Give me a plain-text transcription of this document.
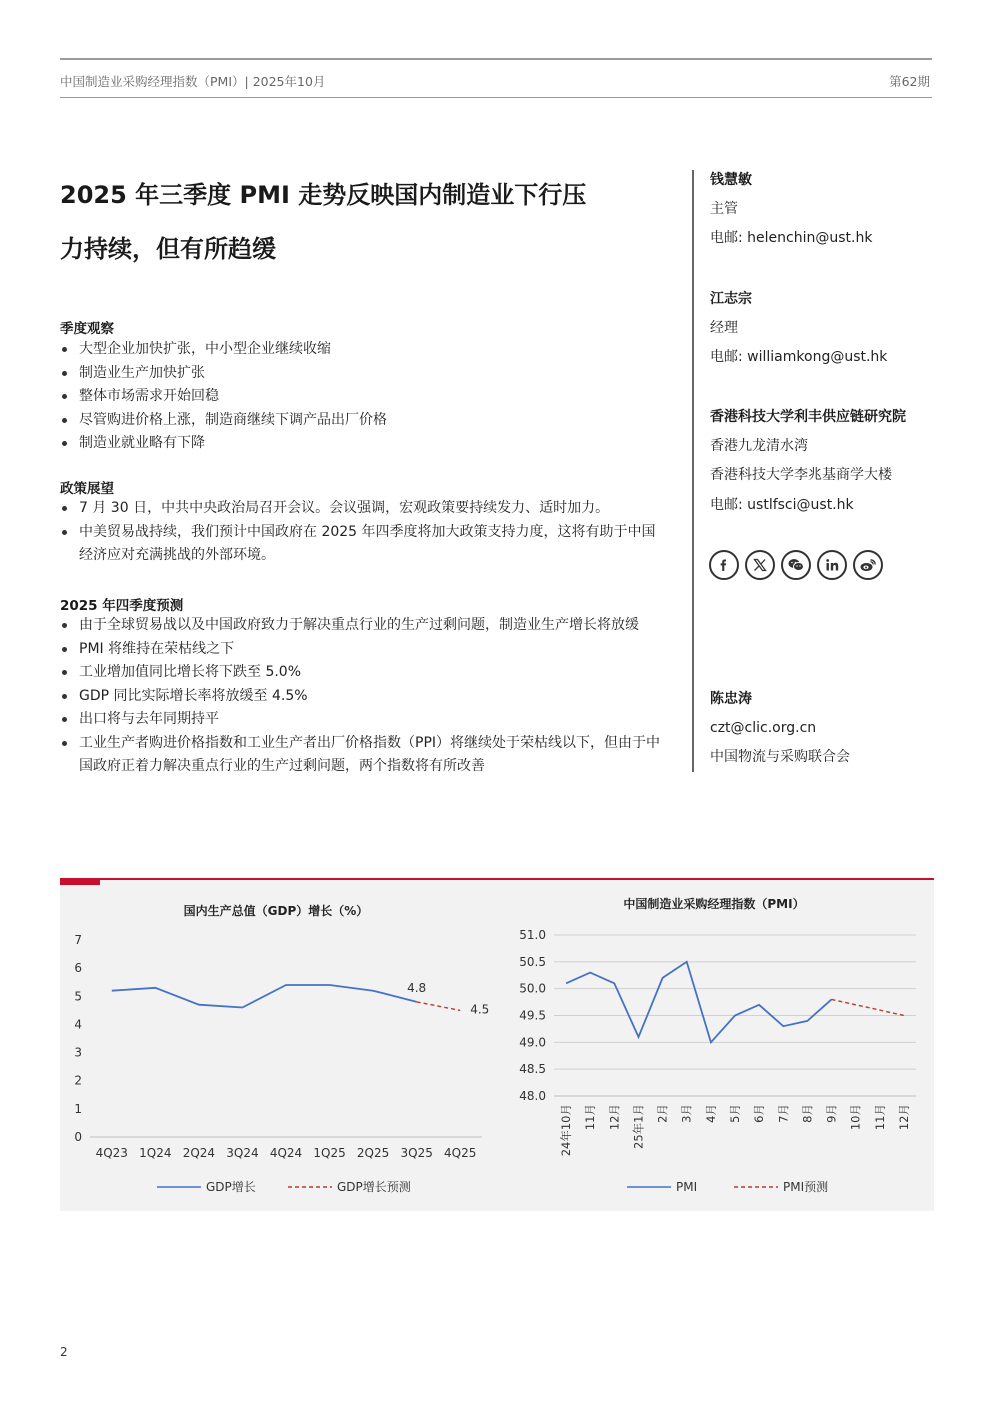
中国制造业采购经理指数（PMI）| 2025年10月	第62期
2025 年三季度 PMI 走势反映国内制造业下行压
力持续，但有所趋缓
季度观察
大型企业加快扩张，中小型企业继续收缩
制造业生产加快扩张
整体市场需求开始回稳
尽管购进价格上涨，制造商继续下调产品出厂价格
制造业就业略有下降
政策展望
7 月 30 日，中共中央政治局召开会议。会议强调，宏观政策要持续发力、适时加力。
中美贸易战持续，我们预计中国政府在 2025 年四季度将加大政策支持力度，这将有助于中国经济应对充满挑战的外部环境。
2025 年四季度预测
由于全球贸易战以及中国政府致力于解决重点行业的生产过剩问题，制造业生产增长将放缓
PMI 将维持在荣枯线之下
工业增加值同比增长将下跌至 5.0%
GDP 同比实际增长率将放缓至 4.5%
出口将与去年同期持平
工业生产者购进价格指数和工业生产者出厂价格指数（PPI）将继续处于荣枯线以下，但由于中国政府正着力解决重点行业的生产过剩问题，两个指数将有所改善
钱慧敏
主管
电邮: helenchin@ust.hk
江志宗
经理
电邮: williamkong@ust.hk
香港科技大学利丰供应链研究院
香港九龙清水湾
香港科技大学李兆基商学大楼
电邮: ustlfsci@ust.hk
陈忠涛
czt@clic.org.cn
中国物流与采购联合会
国内生产总值（GDP）增长（%）
0
1
2
3
4
5
6
7
4Q23 1Q24 2Q24 3Q24 4Q24 1Q25 2Q25 3Q25 4Q25
4.8
4.5
GDP增长	GDP增长预测
中国制造业采购经理指数（PMI）
48.0
48.5
49.0
49.5
50.0
50.5
51.0
24年10月 11月 12月 25年1月 2月 3月 4月 5月 6月 7月 8月 9月 10月 11月 12月
PMI	PMI预测
2
